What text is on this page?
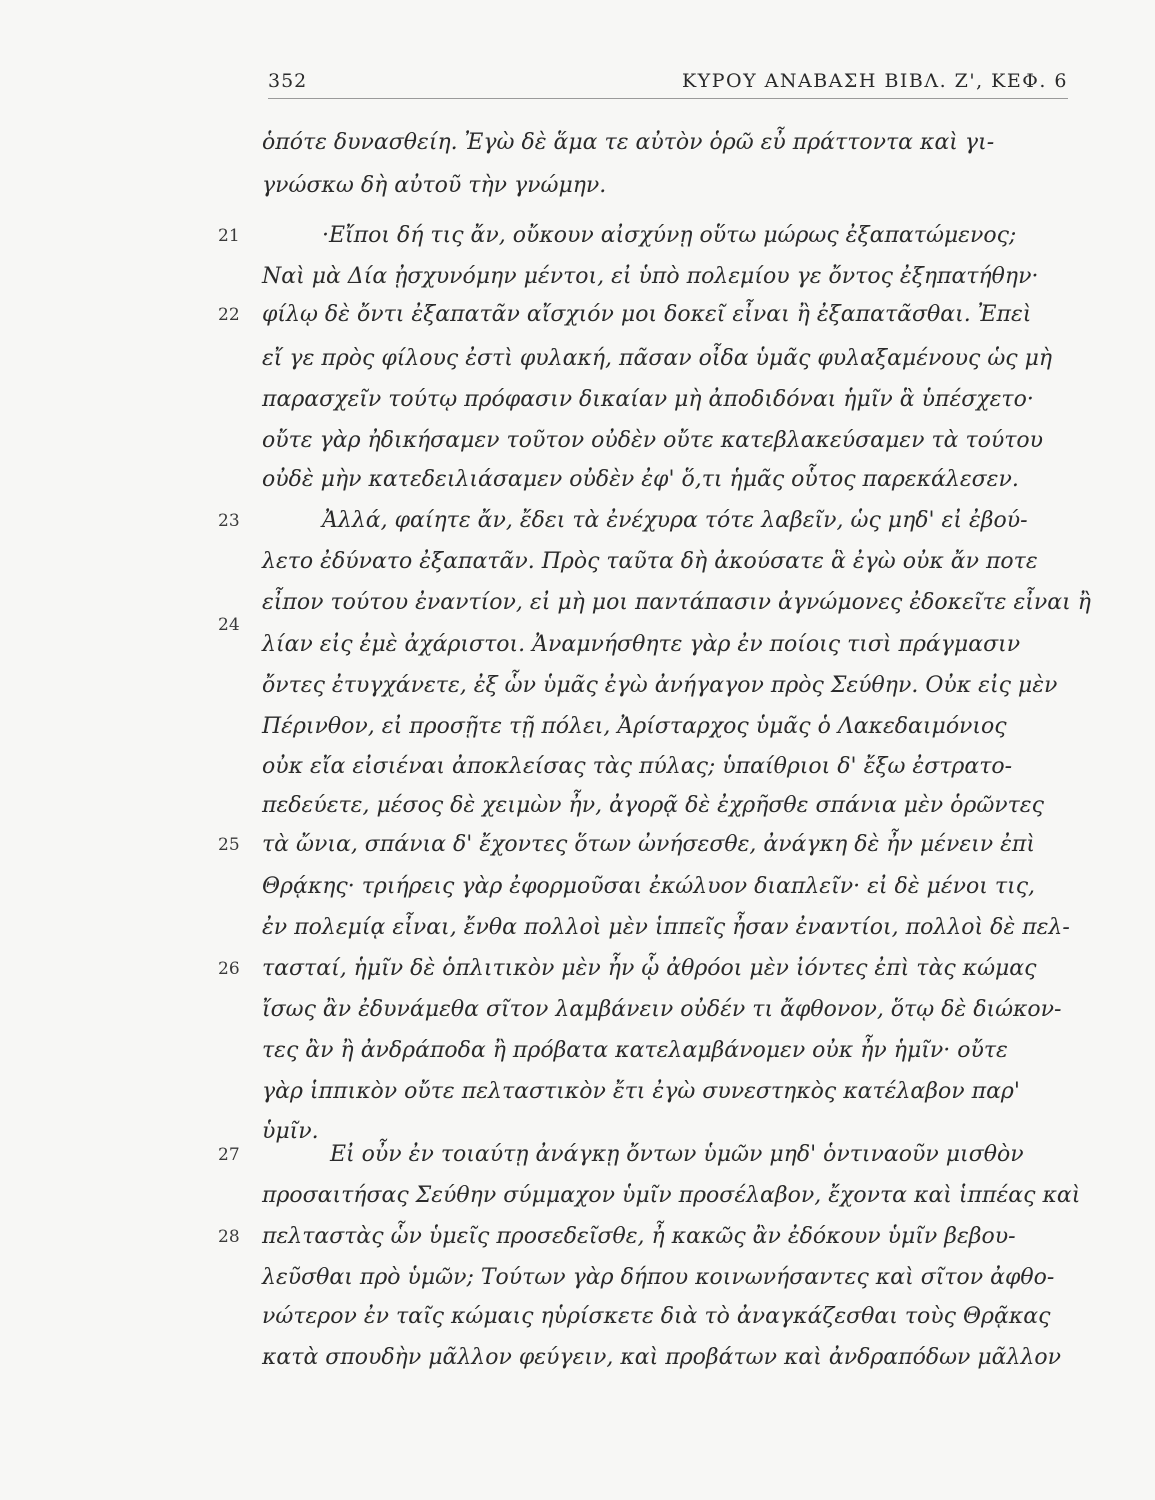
352	ΚΥΡΟΥ ΑΝΑΒΑΣΗ ΒΙΒΛ. Ζ', ΚΕΦ. 6
21
22
23
24
25
26
27
28
ὁπότε δυνασθείη. Ἐγὼ δὲ ἅμα τε αὐτὸν ὁρῶ εὖ πράττοντα καὶ γι-
γνώσκω δὴ αὐτοῦ τὴν γνώμην.
·Εἴποι δή τις ἄν, οὔκουν αἰσχύνῃ οὕτω μώρως ἐξαπατώμενος;
Ναὶ μὰ Δία ᾐσχυνόμην μέντοι, εἰ ὑπὸ πολεμίου γε ὄντος ἐξηπατήθην·
φίλῳ δὲ ὄντι ἐξαπατᾶν αἴσχιόν μοι δοκεῖ εἶναι ἢ ἐξαπατᾶσθαι. Ἐπεὶ
εἴ γε πρὸς φίλους ἐστὶ φυλακή, πᾶσαν οἶδα ὑμᾶς φυλαξαμένους ὡς μὴ
παρασχεῖν τούτῳ πρόφασιν δικαίαν μὴ ἀποδιδόναι ἡμῖν ἃ ὑπέσχετο·
οὔτε γὰρ ἠδικήσαμεν τοῦτον οὐδὲν οὔτε κατεβλακεύσαμεν τὰ τούτου
οὐδὲ μὴν κατεδειλιάσαμεν οὐδὲν ἐφ' ὅ,τι ἡμᾶς οὗτος παρεκάλεσεν.
Ἀλλά, φαίητε ἄν, ἔδει τὰ ἐνέχυρα τότε λαβεῖν, ὡς μηδ' εἰ ἐβού-
λετο ἐδύνατο ἐξαπατᾶν. Πρὸς ταῦτα δὴ ἀκούσατε ἃ ἐγὼ οὐκ ἄν ποτε
εἶπον τούτου ἐναντίον, εἰ μὴ μοι παντάπασιν ἀγνώμονες ἐδοκεῖτε εἶναι ἢ
λίαν εἰς ἐμὲ ἀχάριστοι. Ἀναμνήσθητε γὰρ ἐν ποίοις τισὶ πράγμασιν
ὄντες ἐτυγχάνετε, ἐξ ὧν ὑμᾶς ἐγὼ ἀνήγαγον πρὸς Σεύθην. Οὐκ εἰς μὲν
Πέρινθον, εἰ προσῇτε τῇ πόλει, Ἀρίσταρχος ὑμᾶς ὁ Λακεδαιμόνιος
οὐκ εἴα εἰσιέναι ἀποκλείσας τὰς πύλας; ὑπαίθριοι δ' ἔξω ἐστρατο-
πεδεύετε, μέσος δὲ χειμὼν ἦν, ἀγορᾷ δὲ ἐχρῆσθε σπάνια μὲν ὁρῶντες
τὰ ὤνια, σπάνια δ' ἔχοντες ὅτων ὠνήσεσθε, ἀνάγκη δὲ ἦν μένειν ἐπὶ
Θρᾴκης· τριήρεις γὰρ ἐφορμοῦσαι ἐκώλυον διαπλεῖν· εἰ δὲ μένοι τις,
ἐν πολεμίᾳ εἶναι, ἔνθα πολλοὶ μὲν ἱππεῖς ἦσαν ἐναντίοι, πολλοὶ δὲ πελ-
τασταί, ἡμῖν δὲ ὁπλιτικὸν μὲν ἦν ᾧ ἀθρόοι μὲν ἰόντες ἐπὶ τὰς κώμας
ἴσως ἂν ἐδυνάμεθα σῖτον λαμβάνειν οὐδέν τι ἄφθονον, ὅτῳ δὲ διώκον-
τες ἂν ἢ ἀνδράποδα ἢ πρόβατα κατελαμβάνομεν οὐκ ἦν ἡμῖν· οὔτε
γὰρ ἱππικὸν οὔτε πελταστικὸν ἔτι ἐγὼ συνεστηκὸς κατέλαβον παρ'
ὑμῖν.
Εἰ οὖν ἐν τοιαύτῃ ἀνάγκῃ ὄντων ὑμῶν μηδ' ὁντιναοῦν μισθὸν
προσαιτήσας Σεύθην σύμμαχον ὑμῖν προσέλαβον, ἔχοντα καὶ ἱππέας καὶ
πελταστὰς ὧν ὑμεῖς προσεδεῖσθε, ἦ κακῶς ἂν ἐδόκουν ὑμῖν βεβου-
λεῦσθαι πρὸ ὑμῶν; Τούτων γὰρ δήπου κοινωνήσαντες καὶ σῖτον ἀφθο-
νώτερον ἐν ταῖς κώμαις ηὑρίσκετε διὰ τὸ ἀναγκάζεσθαι τοὺς Θρᾷκας
κατὰ σπουδὴν μᾶλλον φεύγειν, καὶ προβάτων καὶ ἀνδραπόδων μᾶλλον
